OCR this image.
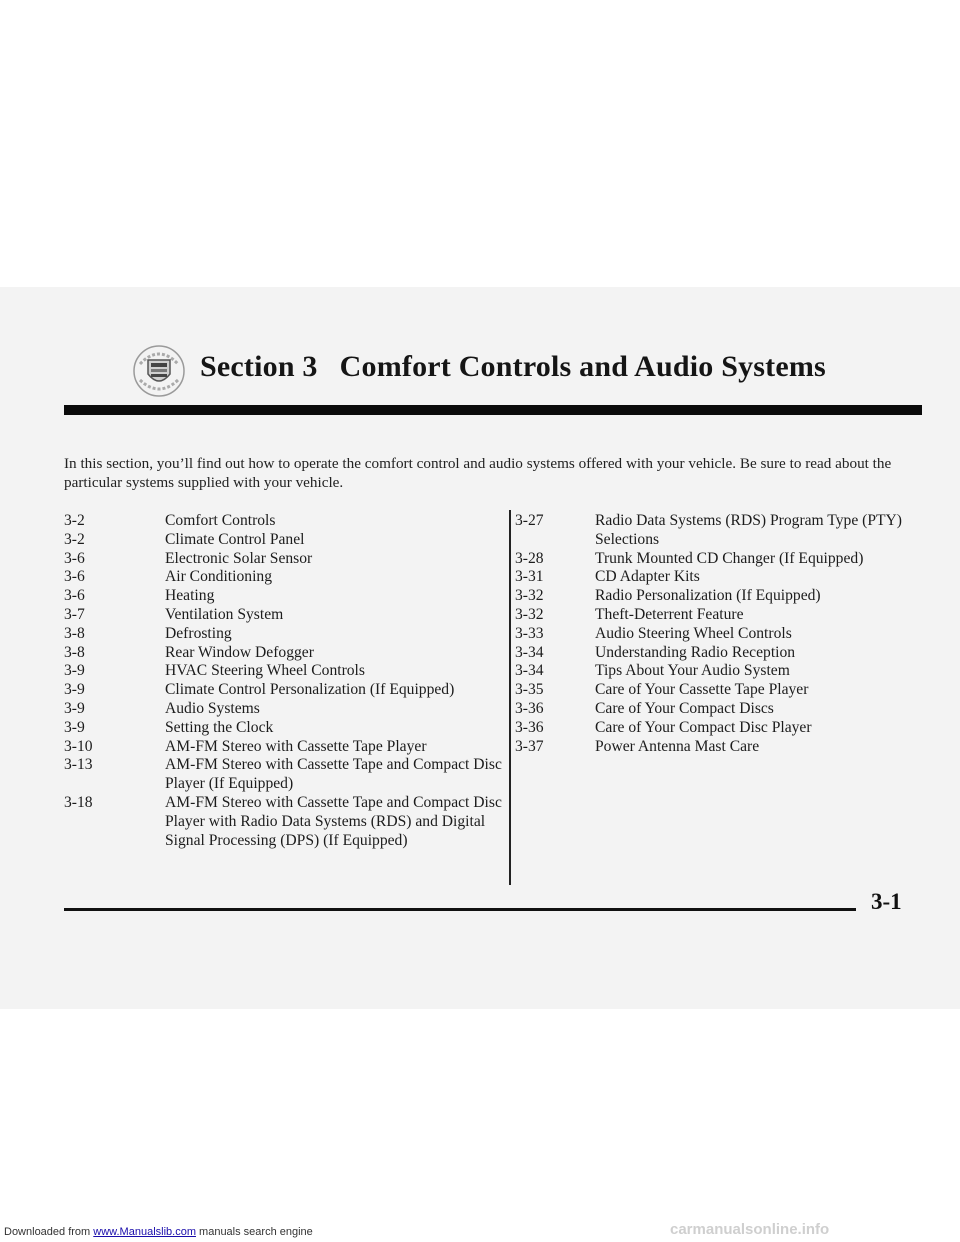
Section 3 Comfort Controls and Audio Systems
In this section, you’ll find out how to operate the comfort control and audio systems offered with your vehicle. Be sure to read about the particular systems supplied with your vehicle.
3-2	Comfort Controls
3-2	Climate Control Panel
3-6	Electronic Solar Sensor
3-6	Air Conditioning
3-6	Heating
3-7	Ventilation System
3-8	Defrosting
3-8	Rear Window Defogger
3-9	HVAC Steering Wheel Controls
3-9	Climate Control Personalization (If Equipped)
3-9	Audio Systems
3-9	Setting the Clock
3-10	AM-FM Stereo with Cassette Tape Player
3-13	AM-FM Stereo with Cassette Tape and Compact Disc Player (If Equipped)
3-18	AM-FM Stereo with Cassette Tape and Compact Disc Player with Radio Data Systems (RDS) and Digital Signal Processing (DPS) (If Equipped)
3-27	Radio Data Systems (RDS) Program Type (PTY) Selections
3-28	Trunk Mounted CD Changer (If Equipped)
3-31	CD Adapter Kits
3-32	Radio Personalization (If Equipped)
3-32	Theft-Deterrent Feature
3-33	Audio Steering Wheel Controls
3-34	Understanding Radio Reception
3-34	Tips About Your Audio System
3-35	Care of Your Cassette Tape Player
3-36	Care of Your Compact Discs
3-36	Care of Your Compact Disc Player
3-37	Power Antenna Mast Care
3-1
Downloaded from www.Manualslib.com manuals search engine	carmanualsonline.info
